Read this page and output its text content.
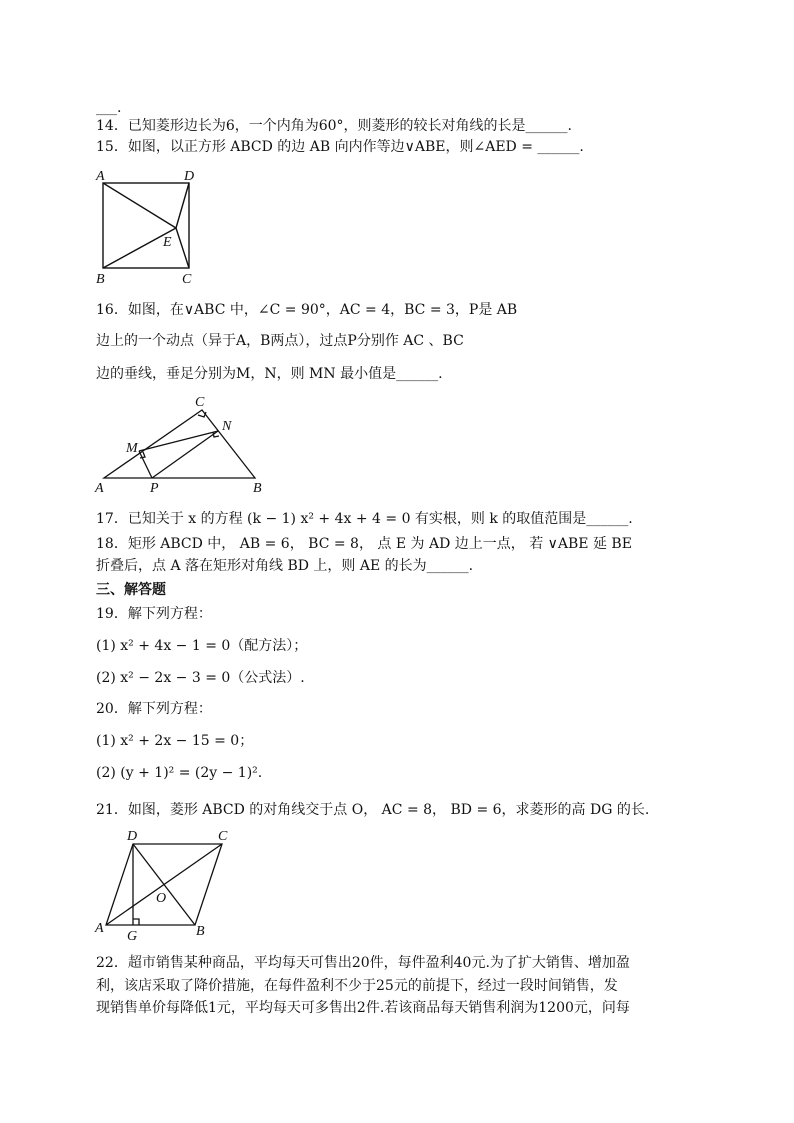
___.
14．已知菱形边长为6，一个内角为60°，则菱形的较长对角线的长是______.
15．如图，以正方形 ABCD 的边 AB 向内作等边∨ABE，则∠AED = ______.
A	D
E
B	C
16．如图，在∨ABC 中，∠C = 90°，AC = 4，BC = 3，P是 AB
边上的一个动点（异于A，B两点），过点P分别作 AC 、BC
边的垂线，垂足分别为M，N，则 MN 最小值是______.
C
N
M
A	P	B
17．已知关于 x 的方程 (k − 1) x² + 4x + 4 = 0 有实根，则 k 的取值范围是______.
18．矩形 ABCD 中， AB = 6， BC = 8， 点 E 为 AD 边上一点， 若 ∨ABE 延 BE
折叠后，点 A 落在矩形对角线 BD 上，则 AE 的长为______.
三、解答题
19．解下列方程：
(1) x² + 4x − 1 = 0（配方法）；
(2) x² − 2x − 3 = 0（公式法）.
20．解下列方程：
(1) x² + 2x − 15 = 0；
(2) (y + 1)² = (2y − 1)².
21．如图，菱形 ABCD 的对角线交于点 O， AC = 8， BD = 6，求菱形的高 DG 的长.
D	C
O
A
G	B
22．超市销售某种商品，平均每天可售出20件，每件盈利40元.为了扩大销售、增加盈
利，该店采取了降价措施，在每件盈利不少于25元的前提下，经过一段时间销售，发
现销售单价每降低1元，平均每天可多售出2件.若该商品每天销售利润为1200元，问每
